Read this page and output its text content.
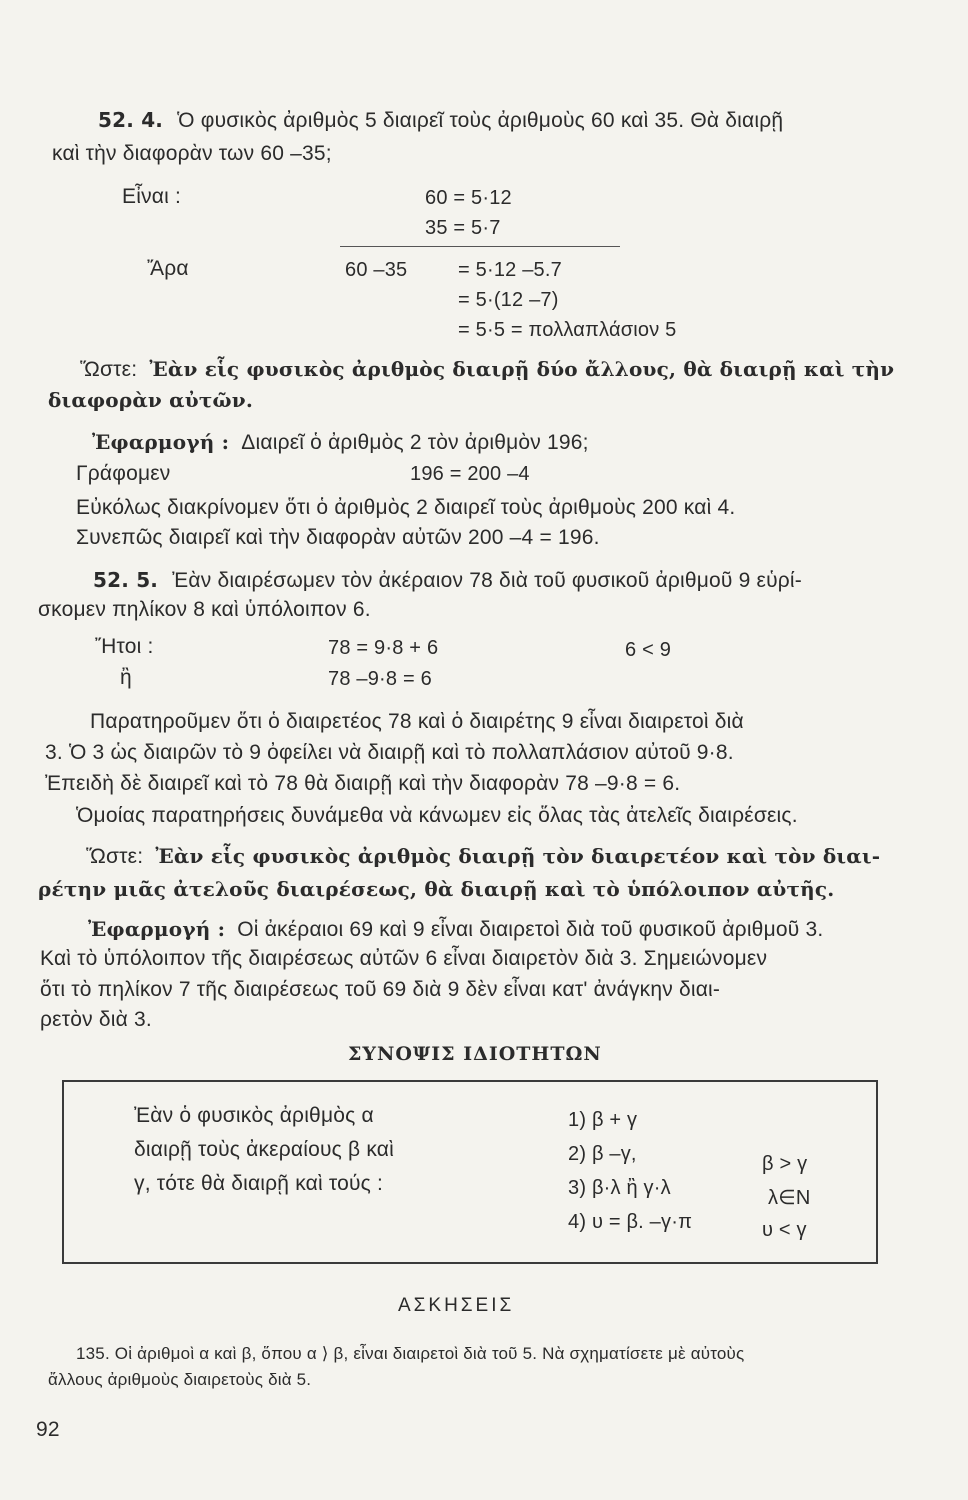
52. 4. Ὁ φυσικὸς ἀριθμὸς 5 διαιρεῖ τοὺς ἀριθμοὺς 60 καὶ 35. Θὰ διαιρῇ
καὶ τὴν διαφορὰν των 60 –35;
Εἶναι :	60 = 5·12
35 = 5·7
Ἄρα	60 –35	= 5·12 –5.7
= 5·(12 –7)
= 5·5 = πολλαπλάσιον 5
Ὥστε: Ἐὰν εἷς φυσικὸς ἀριθμὸς διαιρῇ δύο ἄλλους, θὰ διαιρῇ καὶ τὴν
διαφορὰν αὐτῶν.
Ἐφαρμογή : Διαιρεῖ ὁ ἀριθμὸς 2 τὸν ἀριθμὸν 196;
Γράφομεν	196 = 200 –4
Εὐκόλως διακρίνομεν ὅτι ὁ ἀριθμὸς 2 διαιρεῖ τοὺς ἀριθμοὺς 200 καὶ 4.
Συνεπῶς διαιρεῖ καὶ τὴν διαφορὰν αὐτῶν 200 –4 = 196.
52. 5. Ἐὰν διαιρέσωμεν τὸν ἀκέραιον 78 διὰ τοῦ φυσικοῦ ἀριθμοῦ 9 εὑρί-
σκομεν πηλίκον 8 καὶ ὑπόλοιπον 6.
Ἤτοι :	78 = 9·8 + 6	6 < 9
ἢ	78 –9·8 = 6
Παρατηροῦμεν ὅτι ὁ διαιρετέος 78 καὶ ὁ διαιρέτης 9 εἶναι διαιρετοὶ διὰ
3. Ὁ 3 ὡς διαιρῶν τὸ 9 ὀφείλει νὰ διαιρῇ καὶ τὸ πολλαπλάσιον αὐτοῦ 9·8.
Ἐπειδὴ δὲ διαιρεῖ καὶ τὸ 78 θὰ διαιρῇ καὶ τὴν διαφορὰν 78 –9·8 = 6.
Ὁμοίας παρατηρήσεις δυνάμεθα νὰ κάνωμεν εἰς ὅλας τὰς ἀτελεῖς διαιρέσεις.
Ὥστε: Ἐὰν εἷς φυσικὸς ἀριθμὸς διαιρῇ τὸν διαιρετέον καὶ τὸν διαι-
ρέτην μιᾶς ἀτελοῦς διαιρέσεως, θὰ διαιρῇ καὶ τὸ ὑπόλοιπον αὐτῆς.
Ἐφαρμογή : Οἱ ἀκέραιοι 69 καὶ 9 εἶναι διαιρετοὶ διὰ τοῦ φυσικοῦ ἀριθμοῦ 3.
Καὶ τὸ ὑπόλοιπον τῆς διαιρέσεως αὐτῶν 6 εἶναι διαιρετὸν διὰ 3. Σημειώνομεν
ὅτι τὸ πηλίκον 7 τῆς διαιρέσεως τοῦ 69 διὰ 9 δὲν εἶναι κατ' ἀνάγκην διαι-
ρετὸν διὰ 3.
ΣΥΝΟΨΙΣ ΙΔΙΟΤΗΤΩΝ
Ἐὰν ὁ φυσικὸς ἀριθμὸς α
διαιρῇ τοὺς ἀκεραίους β καὶ
γ, τότε θὰ διαιρῇ καὶ τούς :
1) β + γ
2) β –γ,
3) β·λ ἢ γ·λ
4) υ = β. –γ·π
β > γ
λ∈Ν
υ < γ
ΑΣΚΗΣΕΙΣ
135. Οἱ ἀριθμοὶ α καὶ β, ὅπου α ⟩ β, εἶναι διαιρετοὶ διὰ τοῦ 5. Νὰ σχηματίσετε μὲ αὐτοὺς
ἄλλους ἀριθμοὺς διαιρετοὺς διὰ 5.
92
